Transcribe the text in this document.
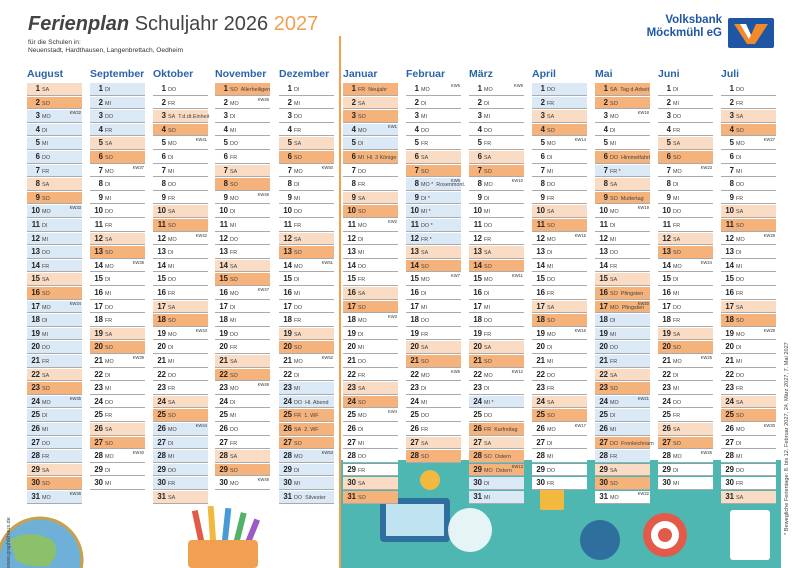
Ferienplan Schuljahr 2026 2027
für die Schulen in:
Neuenstadt, Hardthausen, Langenbrettach, Oedheim
Volksbank
Möckmühl eG
August
1 SA
2 SO
3 MO
KW32
4 DI
5 MI
6 DO
7 FR
8 SA
9 SO
10 MO
KW33
11 DI
12 MI
13 DO
14 FR
15 SA
16 SO
17 MO
KW34
18 DI
19 MI
20 DO
21 FR
22 SA
23 SO
24 MO
KW35
25 DI
26 MI
27 DO
28 FR
29 SA
30 SO
31 MO
KW36
September
1 DI
2 MI
3 DO
4 FR
5 SA
6 SO
7 MO
KW37
8 DI
9 MI
10 DO
11 FR
12 SA
13 SO
14 MO
KW38
15 DI
16 MI
17 DO
18 FR
19 SA
20 SO
21 MO
KW39
22 DI
23 MI
24 DO
25 FR
26 SA
27 SO
28 MO
KW40
29 DI
30 MI
Oktober
1 DO
2 FR
3 SA T.d.dt.Einheit
4 SO
5 MO
KW41
6 DI
7 MI
8 DO
9 FR
10 SA
11 SO
12 MO
KW42
13 DI
14 MI
15 DO
16 FR
17 SA
18 SO
19 MO
KW43
20 DI
21 MI
22 DO
23 FR
24 SA
25 SO
26 MO
KW44
27 DI
28 MI
29 DO
30 FR
31 SA
November
1 SO Allerheiligen
2 MO
KW45
3 DI
4 MI
5 DO
6 FR
7 SA
8 SO
9 MO
KW46
10 DI
11 MI
12 DO
13 FR
14 SA
15 SO
16 MO
KW47
17 DI
18 MI
19 DO
20 FR
21 SA
22 SO
23 MO
KW48
24 DI
25 MI
26 DO
27 FR
28 SA
29 SO
30 MO
KW49
Dezember
1 DI
2 MI
3 DO
4 FR
5 SA
6 SO
7 MO
KW50
8 DI
9 MI
10 DO
11 FR
12 SA
13 SO
14 MO
KW51
15 DI
16 MI
17 DO
18 FR
19 SA
20 SO
21 MO
KW52
22 DI
23 MI
24 DO Hl. Abend
25 FR 1. WF
26 SA 2. WF
27 SO
28 MO
KW53
29 DI
30 MI
31 DO Silvester
Januar
1 FR Neujahr
2 SA
3 SO
4 MO
KW1
5 DI
6 MI Hl. 3 Könige
7 DO
8 FR
9 SA
10 SO
11 MO
KW2
12 DI
13 MI
14 DO
15 FR
16 SA
17 SO
18 MO
KW3
19 DI
20 MI
21 DO
22 FR
23 SA
24 SO
25 MO
KW4
26 DI
27 MI
28 DO
29 FR
30 SA
31 SO
Februar
1 MO
KW5
2 DI
3 MI
4 DO
5 FR
6 SA
7 SO
8 MO * Rosenmont.
KW6
9 DI *
10 MI *
11 DO *
12 FR *
13 SA
14 SO
15 MO
KW7
16 DI
17 MI
18 DO
19 FR
20 SA
21 SO
22 MO
KW8
23 DI
24 MI
25 DO
26 FR
27 SA
28 SO
März
1 MO
KW9
2 DI
3 MI
4 DO
5 FR
6 SA
7 SO
8 MO
KW10
9 DI
10 MI
11 DO
12 FR
13 SA
14 SO
15 MO
KW11
16 DI
17 MI
18 DO
19 FR
20 SA
21 SO
22 MO
KW12
23 DI
24 MI *
25 DO
26 FR Karfreitag
27 SA
28 SO Ostern
29 MO Ostern
KW13
30 DI
31 MI
April
1 DO
2 FR
3 SA
4 SO
5 MO
KW14
6 DI
7 MI
8 DO
9 FR
10 SA
11 SO
12 MO
KW15
13 DI
14 MI
15 DO
16 FR
17 SA
18 SO
19 MO
KW16
20 DI
21 MI
22 DO
23 FR
24 SA
25 SO
26 MO
KW17
27 DI
28 MI
29 DO
30 FR
Mai
1 SA Tag d.Arbeit
2 SO
3 MO
KW18
4 DI
5 MI
6 DO Himmelfahrt
7 FR *
8 SA
9 SO Muttertag
10 MO
KW19
11 DI
12 MI
13 DO
14 FR
15 SA
16 SO Pfingsten
17 MO Pfingsten
KW20
18 DI
19 MI
20 DO
21 FR
22 SA
23 SO
24 MO
KW21
25 DI
26 MI
27 DO Fronleichnam
28 FR
29 SA
30 SO
31 MO
KW22
Juni
1 DI
2 MI
3 DO
4 FR
5 SA
6 SO
7 MO
KW23
8 DI
9 MI
10 DO
11 FR
12 SA
13 SO
14 MO
KW24
15 DI
16 MI
17 DO
18 FR
19 SA
20 SO
21 MO
KW25
22 DI
23 MI
24 DO
25 FR
26 SA
27 SO
28 MO
KW26
29 DI
30 MI
Juli
1 DO
2 FR
3 SA
4 SO
5 MO
KW27
6 DI
7 MI
8 DO
9 FR
10 SA
11 SO
12 MO
KW28
13 DI
14 MI
15 DO
16 FR
17 SA
18 SO
19 MO
KW29
20 DI
21 MI
22 DO
23 FR
24 SA
25 SO
26 MO
KW30
27 DI
28 MI
29 DO
30 FR
31 SA	* Bewegliche Ferientage: 8. bis 12. Februar 2027, 24. März 2027, 7. Mai 2027
www.graphikhaus.de
